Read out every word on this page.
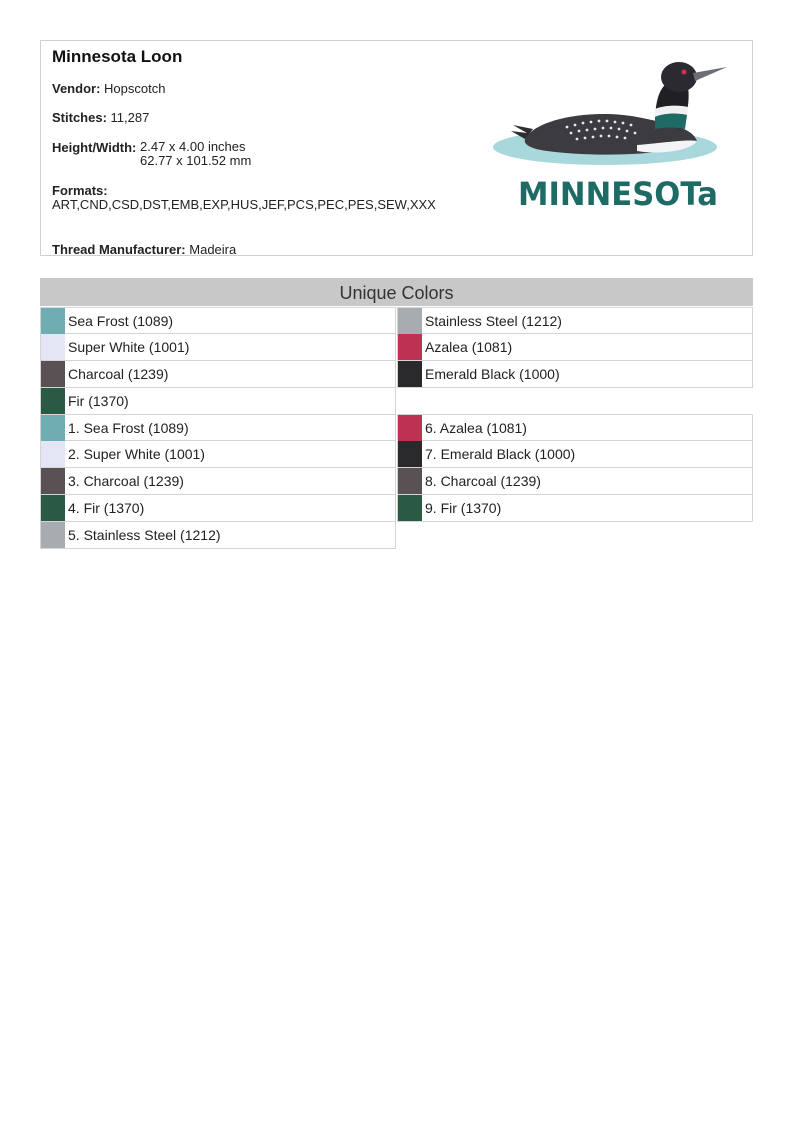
Minnesota Loon
Vendor: Hopscotch
Stitches: 11,287
Height/Width: 2.47 x 4.00 inches
62.77 x 101.52 mm
Formats:
ART,CND,CSD,DST,EMB,EXP,HUS,JEF,PCS,PEC,PES,SEW,XXX
Thread Manufacturer: Madeira
MINNESOTa
Unique Colors
Sea Frost (1089)
Super White (1001)
Charcoal (1239)
Fir (1370)
Stainless Steel (1212)
Azalea (1081)
Emerald Black (1000)
1. Sea Frost (1089)
2. Super White (1001)
3. Charcoal (1239)
4. Fir (1370)
5. Stainless Steel (1212)
6. Azalea (1081)
7. Emerald Black (1000)
8. Charcoal (1239)
9. Fir (1370)
